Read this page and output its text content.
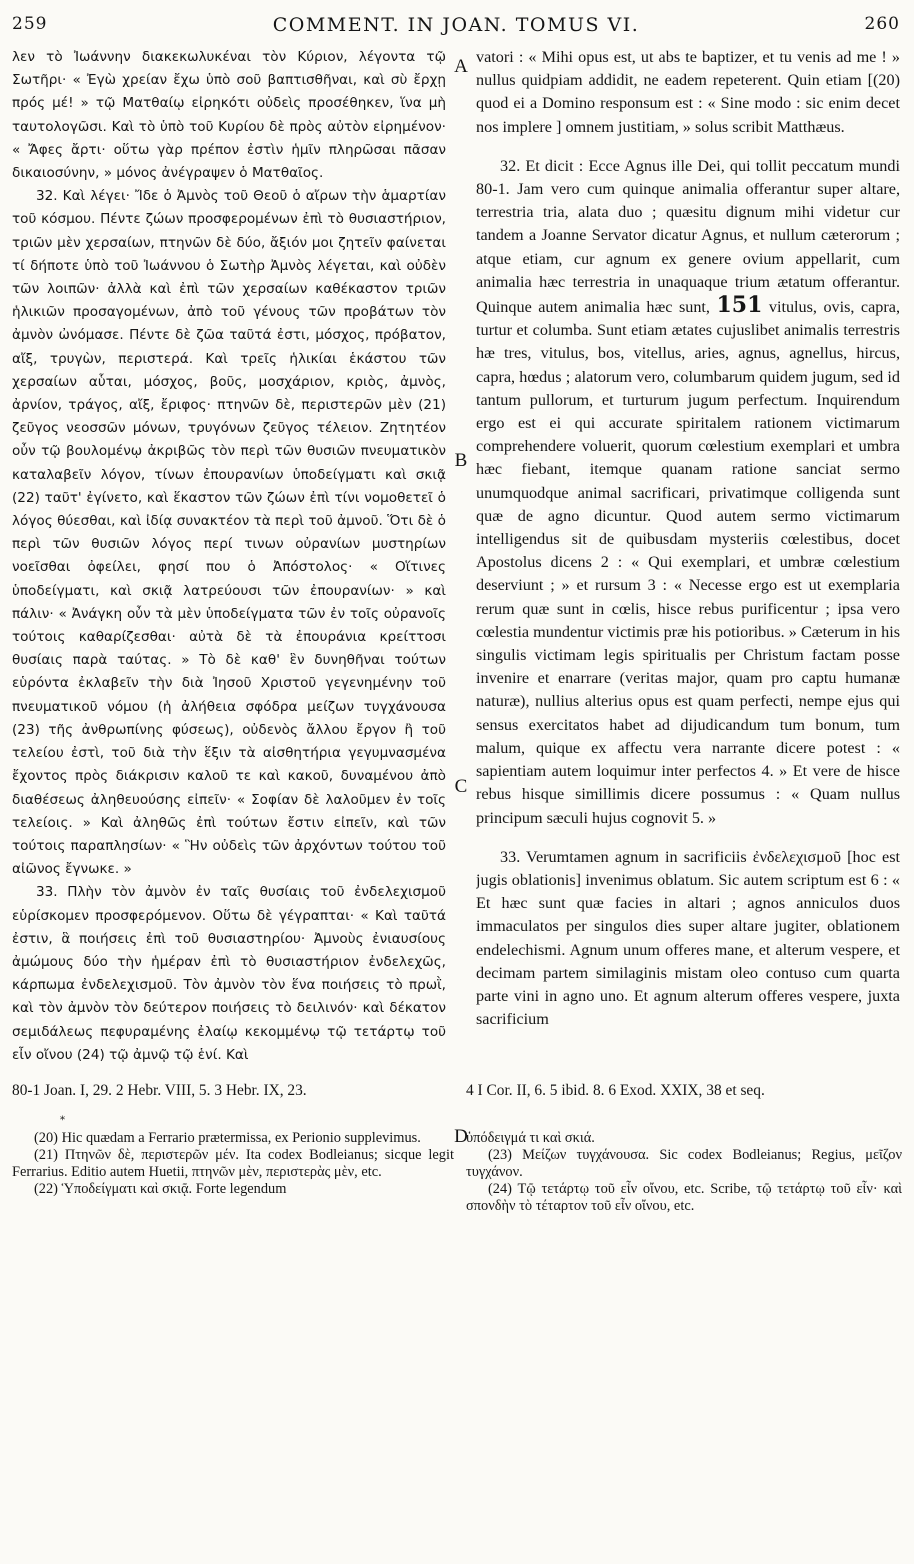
259	COMMENT. IN JOAN. TOMUS VI.	260

λεν τὸ Ἰωάννην διακεκωλυκέναι τὸν Κύριον, λέγοντα τῷ Σωτῆρι· « Ἐγὼ χρείαν ἔχω ὑπὸ σοῦ βαπτισθῆναι, καὶ σὺ ἔρχῃ πρός μέ! » τῷ Ματθαίῳ εἰρηκότι οὐδεὶς προσέθηκεν, ἵνα μὴ ταυτολογῶσι. Καὶ τὸ ὑπὸ τοῦ Κυρίου δὲ πρὸς αὐτὸν εἰρημένον· « Ἄφες ἄρτι· οὕτω γὰρ πρέπον ἐστὶν ἡμῖν πληρῶσαι πᾶσαν δικαιοσύνην, » μόνος ἀνέγραψεν ὁ Ματθαῖος.

32. Καὶ λέγει· Ἴδε ὁ Ἀμνὸς τοῦ Θεοῦ ὁ αἴρων τὴν ἁμαρτίαν τοῦ κόσμου. Πέντε ζώων προσφερομένων ἐπὶ τὸ θυσιαστήριον, τριῶν μὲν χερσαίων, πτηνῶν δὲ δύο, ἄξιόν μοι ζητεῖν φαίνεται τί δήποτε ὑπὸ τοῦ Ἰωάννου ὁ Σωτὴρ Ἀμνὸς λέγεται, καὶ οὐδὲν τῶν λοιπῶν· ἀλλὰ καὶ ἐπὶ τῶν χερσαίων καθέκαστον τριῶν ἡλικιῶν προσαγομένων, ἀπὸ τοῦ γένους τῶν προβάτων τὸν ἀμνὸν ὠνόμασε. Πέντε δὲ ζῶα ταῦτά ἐστι, μόσχος, πρόβατον, αἴξ, τρυγὼν, περιστερά. Καὶ τρεῖς ἡλικίαι ἑκάστου τῶν χερσαίων αὗται, μόσχος, βοῦς, μοσχάριον, κριὸς, ἀμνὸς, ἀρνίον, τράγος, αἴξ, ἔριφος· πτηνῶν δὲ, περιστερῶν μὲν (21) ζεῦγος νεοσσῶν μόνων, τρυγόνων ζεῦγος τέλειον. Ζητητέον οὖν τῷ βουλομένῳ ἀκριβῶς τὸν περὶ τῶν θυσιῶν πνευματικὸν καταλαβεῖν λόγον, τίνων ἐπουρανίων ὑποδείγματι καὶ σκιᾷ (22) ταῦτ' ἐγίνετο, καὶ ἕκαστον τῶν ζώων ἐπὶ τίνι νομοθετεῖ ὁ λόγος θύεσθαι, καὶ ἰδίᾳ συνακτέον τὰ περὶ τοῦ ἀμνοῦ. Ὅτι δὲ ὁ περὶ τῶν θυσιῶν λόγος περί τινων οὐρανίων μυστηρίων νοεῖσθαι ὀφείλει, φησί που ὁ Ἀπόστολος· « Οἵτινες ὑποδείγματι, καὶ σκιᾷ λατρεύουσι τῶν ἐπουρανίων· » καὶ πάλιν· « Ἀνάγκη οὖν τὰ μὲν ὑποδείγματα τῶν ἐν τοῖς οὐρανοῖς τούτοις καθαρίζεσθαι· αὐτὰ δὲ τὰ ἐπουράνια κρείττοσι θυσίαις παρὰ ταύτας. » Τὸ δὲ καθ' ἓν δυνηθῆναι τούτων εὑρόντα ἐκλαβεῖν τὴν διὰ Ἰησοῦ Χριστοῦ γεγενημένην τοῦ πνευματικοῦ νόμου (ἡ ἀλήθεια σφόδρα μείζων τυγχάνουσα (23) τῆς ἀνθρωπίνης φύσεως), οὐδενὸς ἄλλου ἔργον ἢ τοῦ τελείου ἐστὶ, τοῦ διὰ τὴν ἕξιν τὰ αἰσθητήρια γεγυμνασμένα ἔχοντος πρὸς διάκρισιν καλοῦ τε καὶ κακοῦ, δυναμένου ἀπὸ διαθέσεως ἀληθευούσης εἰπεῖν· « Σοφίαν δὲ λαλοῦμεν ἐν τοῖς τελείοις. » Καὶ ἀληθῶς ἐπὶ τούτων ἔστιν εἰπεῖν, καὶ τῶν τούτοις παραπλησίων· « Ἣν οὐδεὶς τῶν ἀρχόντων τούτου τοῦ αἰῶνος ἔγνωκε. »

33. Πλὴν τὸν ἀμνὸν ἐν ταῖς θυσίαις τοῦ ἐνδελεχισμοῦ εὑρίσκομεν προσφερόμενον. Οὕτω δὲ γέγραπται· « Καὶ ταῦτά ἐστιν, ἃ ποιήσεις ἐπὶ τοῦ θυσιαστηρίου· Ἀμνοὺς ἐνιαυσίους ἀμώμους δύο τὴν ἡμέραν ἐπὶ τὸ θυσιαστήριον ἐνδελεχῶς, κάρπωμα ἐνδελεχισμοῦ. Τὸν ἀμνὸν τὸν ἕνα ποιήσεις τὸ πρωῒ, καὶ τὸν ἀμνὸν τὸν δεύτερον ποιήσεις τὸ δειλινόν· καὶ δέκατον σεμιδάλεως πεφυραμένης ἐλαίῳ κεκομμένῳ τῷ τετάρτῳ τοῦ εἶν οἴνου (24) τῷ ἀμνῷ τῷ ἑνί. Καὶ

A
B
C
D

vatori : « Mihi opus est, ut abs te baptizer, et tu venis ad me ! » nullus quidpiam addidit, ne eadem repeterent. Quin etiam [(20) quod ei a Domino responsum est : « Sine modo : sic enim decet nos implere ] omnem justitiam, » solus scribit Matthæus.

32. Et dicit : Ecce Agnus ille Dei, qui tollit peccatum mundi 80-1. Jam vero cum quinque animalia offerantur super altare, terrestria tria, alata duo ; quæsitu dignum mihi videtur cur tandem a Joanne Servator dicatur Agnus, et nullum cæterorum ; atque etiam, cur agnum ex genere ovium appellarit, cum animalia hæc terrestria in unaquaque trium ætatum offerantur. Quinque autem animalia hæc sunt, 151 vitulus, ovis, capra, turtur et columba. Sunt etiam ætates cujuslibet animalis terrestris hæ tres, vitulus, bos, vitellus, aries, agnus, agnellus, hircus, capra, hœdus ; alatorum vero, columbarum quidem jugum, sed id tantum pullorum, et turturum jugum perfectum. Inquirendum ergo est ei qui accurate spiritalem rationem victimarum comprehendere voluerit, quorum cœlestium exemplari et umbra hæc fiebant, itemque quanam ratione sanciat sermo unumquodque animal sacrificari, privatimque colligenda sunt quæ de agno dicuntur. Quod autem sermo victimarum intelligendus sit de quibusdam mysteriis cœlestibus, docet Apostolus dicens 2 : « Qui exemplari, et umbræ cœlestium deserviunt ; » et rursum 3 : « Necesse ergo est ut exemplaria rerum quæ sunt in cœlis, hisce rebus purificentur ; ipsa vero cœlestia mundentur victimis præ his potioribus. » Cæterum in his singulis victimam legis spiritualis per Christum factam posse invenire et enarrare (veritas major, quam pro captu humanæ naturæ), nullius alterius opus est quam perfecti, nempe ejus qui sensus exercitatos habet ad dijudicandum tum bonum, tum malum, quique ex affectu vera narrante dicere potest : « sapientiam autem loquimur inter perfectos 4. » Et vere de hisce rebus hisque simillimis dicere possumus : « Quam nullus principum sæculi hujus cognovit 5. »

33. Verumtamen agnum in sacrificiis ἐνδελεχισμοῦ [hoc est jugis oblationis] invenimus oblatum. Sic autem scriptum est 6 : « Et hæc sunt quæ facies in altari ; agnos anniculos duos immaculatos per singulos dies super altare jugiter, oblationem endelechismi. Agnum unum offeres mane, et alterum vespere, et decimam partem similaginis mistam oleo contuso cum quarta parte vini in agno uno. Et agnum alterum offeres vespere, juxta sacrificium

80-1 Joan. I, 29. 2 Hebr. VIII, 5. 3 Hebr. IX, 23.	4 I Cor. II, 6. 5 ibid. 8. 6 Exod. XXIX, 38 et seq.
*

(20) Hic quædam a Ferrario prætermissa, ex Perionio supplevimus.

(21) Πτηνῶν δὲ, περιστερῶν μέν. Ita codex Bodleianus; sicque legit Ferrarius. Editio autem Huetii, πτηνῶν μὲν, περιστερὰς μὲν, etc.

(22) Ὑποδείγματι καὶ σκιᾷ. Forte legendum

ὑπόδειγμά τι καὶ σκιά.

(23) Μείζων τυγχάνουσα. Sic codex Bodleianus; Regius, μεῖζον τυγχάνον.

(24) Τῷ τετάρτῳ τοῦ εἶν οἴνου, etc. Scribe, τῷ τετάρτῳ τοῦ εἶν· καὶ σπονδὴν τὸ τέταρτον τοῦ εἶν οἴνου, etc.
